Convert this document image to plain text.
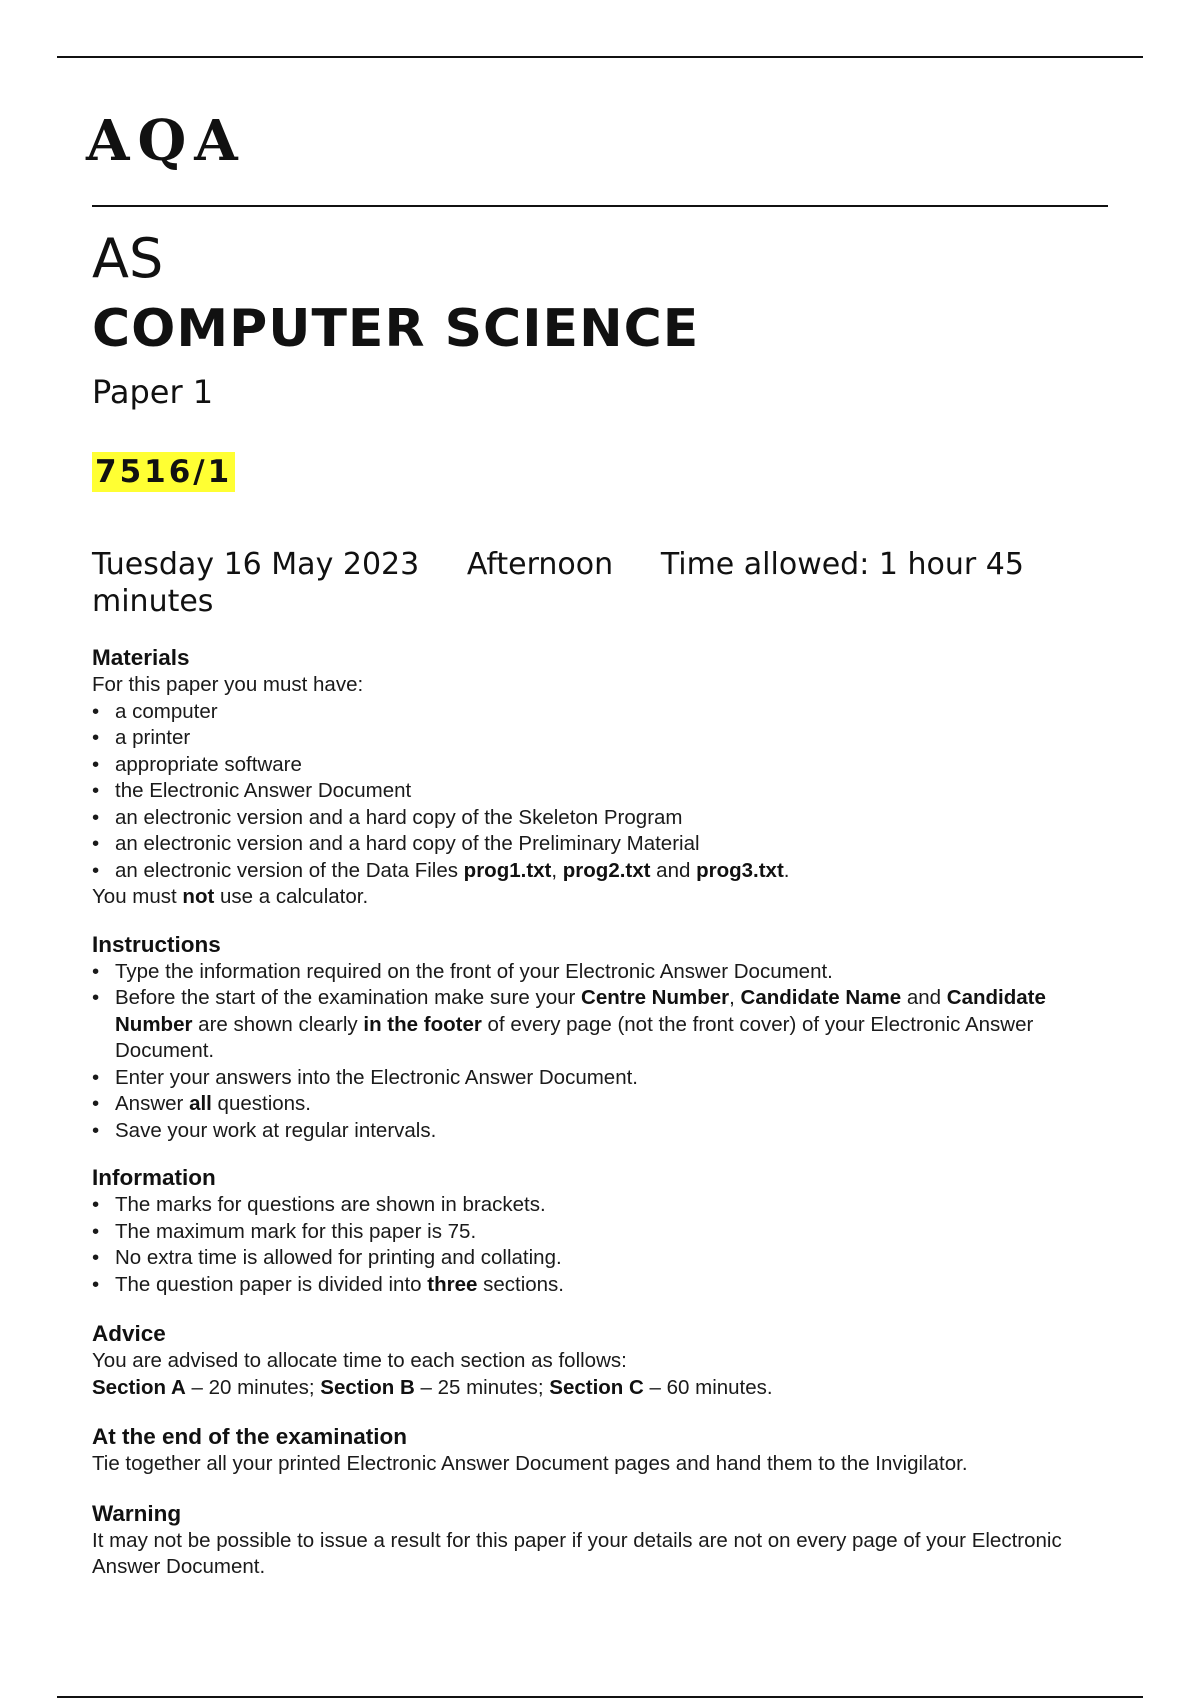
AQA
AS
COMPUTER SCIENCE
Paper 1
7516/1
Tuesday 16 May 2023 Afternoon Time allowed: 1 hour 45 minutes
Materials

For this paper you must have:

• a computer
• a printer
• appropriate software
• the Electronic Answer Document
• an electronic version and a hard copy of the Skeleton Program
• an electronic version and a hard copy of the Preliminary Material
• an electronic version of the Data Files prog1.txt, prog2.txt and prog3.txt.

You must not use a calculator.

Instructions
• Type the information required on the front of your Electronic Answer Document.
• Before the start of the examination make sure your Centre Number, Candidate Name and Candidate Number are shown clearly in the footer of every page (not the front cover) of your Electronic Answer Document.
• Enter your answers into the Electronic Answer Document.
• Answer all questions.
• Save your work at regular intervals.
Information
• The marks for questions are shown in brackets.
• The maximum mark for this paper is 75.
• No extra time is allowed for printing and collating.
• The question paper is divided into three sections.
Advice

You are advised to allocate time to each section as follows:

Section A – 20 minutes; Section B – 25 minutes; Section C – 60 minutes.

At the end of the examination

Tie together all your printed Electronic Answer Document pages and hand them to the Invigilator.

Warning

It may not be possible to issue a result for this paper if your details are not on every page of your Electronic Answer Document.
